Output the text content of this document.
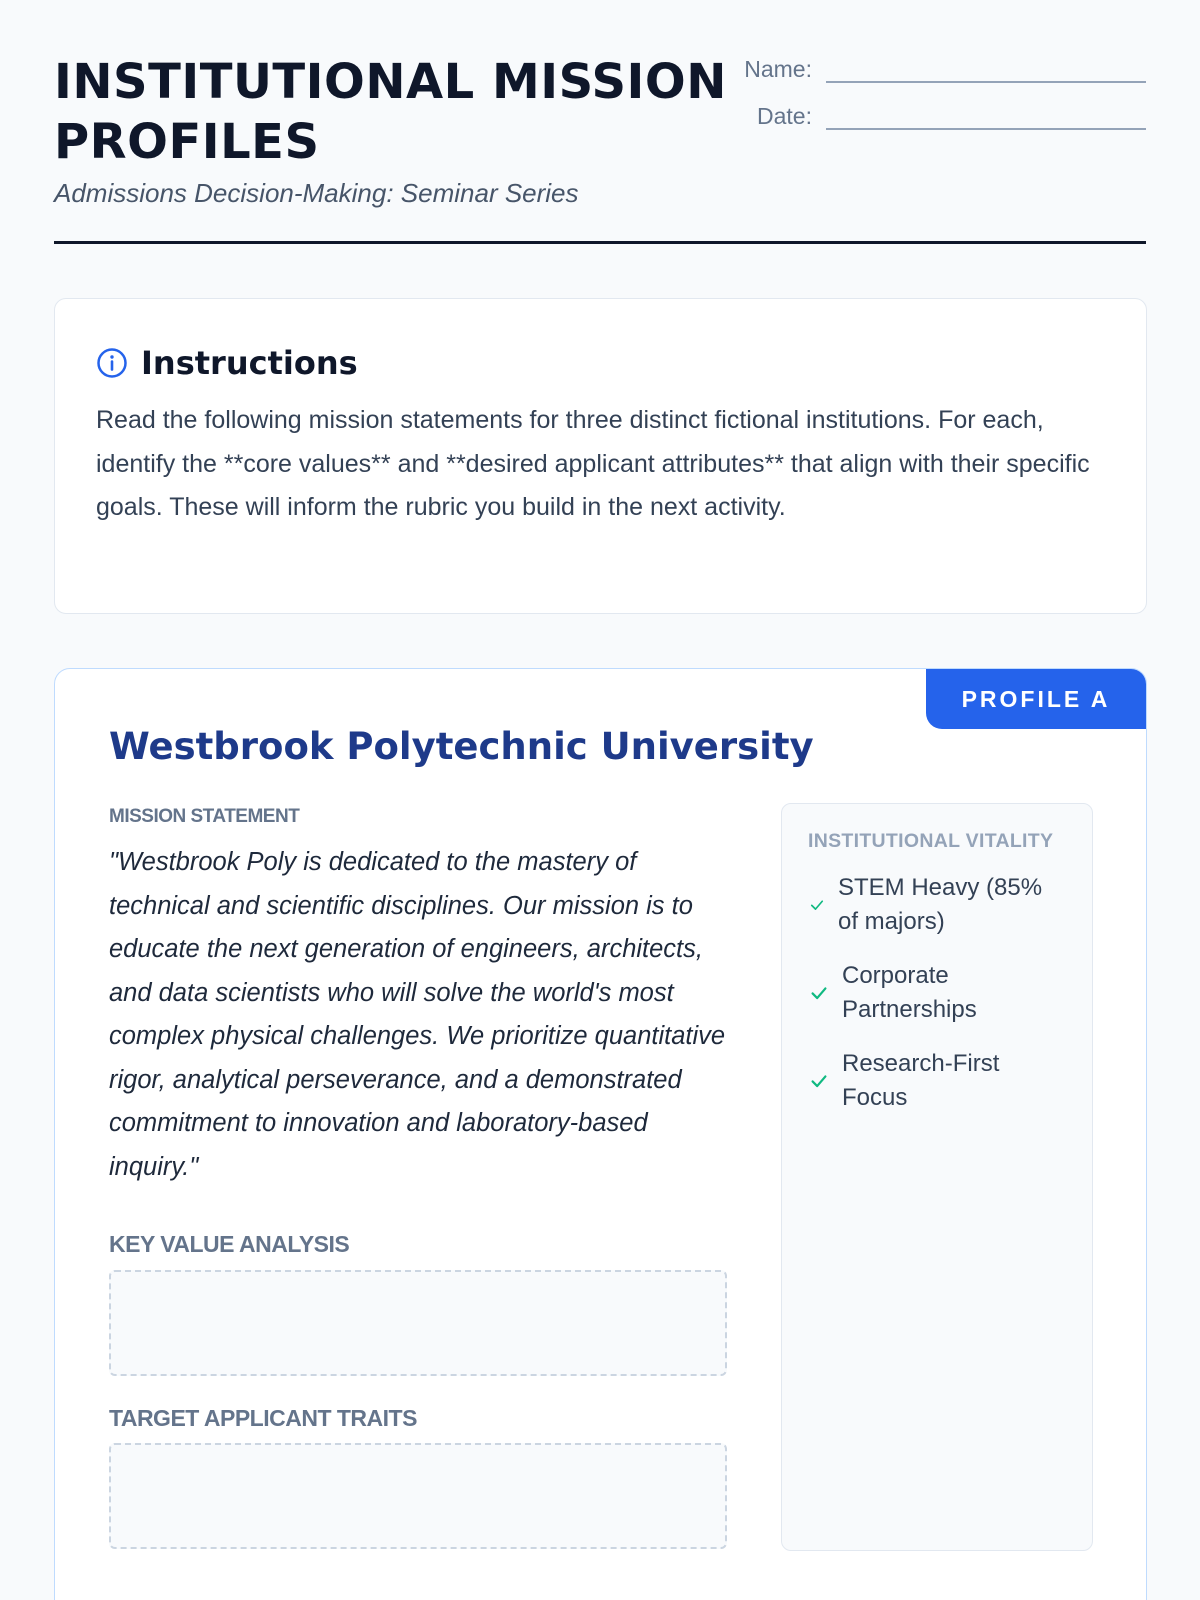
INSTITUTIONAL MISSION PROFILES
Admissions Decision-Making: Seminar Series
Name:
Date:
Instructions

Read the following mission statements for three distinct fictional institutions. For each, identify the **core values** and **desired applicant attributes** that align with their specific goals. These will inform the rubric you build in the next activity.

PROFILE A
Westbrook Polytechnic University
MISSION STATEMENT

"Westbrook Poly is dedicated to the mastery of technical and scientific disciplines. Our mission is to educate the next generation of engineers, architects, and data scientists who will solve the world's most complex physical challenges. We prioritize quantitative rigor, analytical perseverance, and a demonstrated commitment to innovation and laboratory-based inquiry."

KEY VALUE ANALYSIS
TARGET APPLICANT TRAITS
INSTITUTIONAL VITALITY
STEM Heavy (85% of majors)
Corporate Partnerships
Research-First Focus
